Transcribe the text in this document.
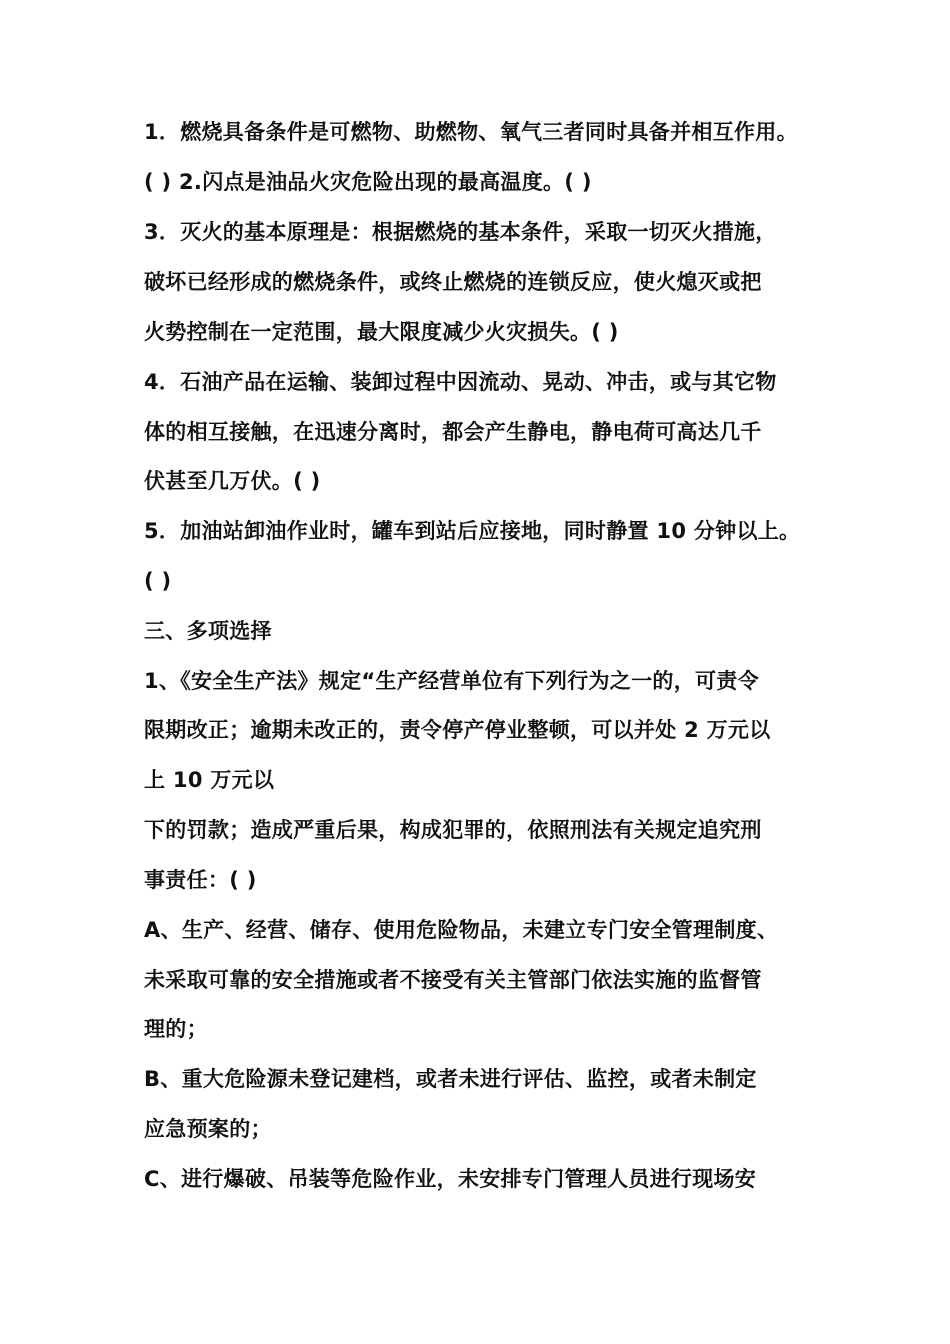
1．燃烧具备条件是可燃物、助燃物、氧气三者同时具备并相互作用。
( ) 2.闪点是油品火灾危险出现的最高温度。( )
3．灭火的基本原理是：根据燃烧的基本条件，采取一切灭火措施，
破坏已经形成的燃烧条件，或终止燃烧的连锁反应，使火熄灭或把
火势控制在一定范围，最大限度减少火灾损失。( )
4．石油产品在运输、装卸过程中因流动、晃动、冲击，或与其它物
体的相互接触，在迅速分离时，都会产生静电，静电荷可高达几千
伏甚至几万伏。( )
5．加油站卸油作业时，罐车到站后应接地，同时静置 10 分钟以上。
( )
三、多项选择
1、《安全生产法》规定“生产经营单位有下列行为之一的，可责令
限期改正；逾期未改正的，责令停产停业整顿，可以并处 2 万元以
上 10 万元以
下的罚款；造成严重后果，构成犯罪的，依照刑法有关规定追究刑
事责任：( )
A、生产、经营、储存、使用危险物品，未建立专门安全管理制度、
未采取可靠的安全措施或者不接受有关主管部门依法实施的监督管
理的；
B、重大危险源未登记建档，或者未进行评估、监控，或者未制定
应急预案的；
C、进行爆破、吊装等危险作业，未安排专门管理人员进行现场安
